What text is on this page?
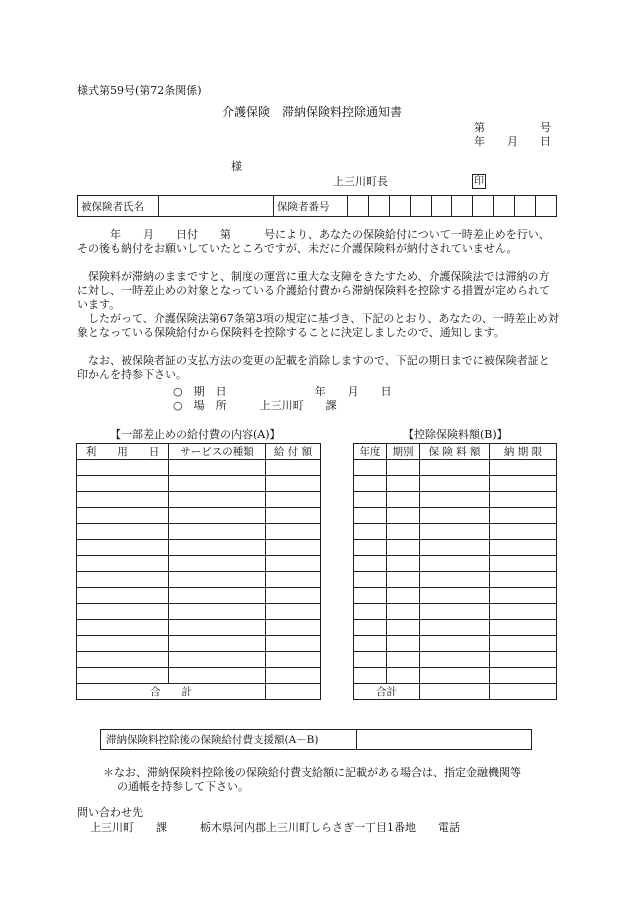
様式第59号(第72条関係)
介護保険　滞納保険料控除通知書
第　　　　　号
年　　月　　日
様
上三川町長	印
被保険者氏名		保険者番号										
　　　年　　月　　日付　　第　　　号により、あなたの保険給付について一時差止めを行い、その後も納付をお願いしていたところですが、未だに介護保険料が納付されていません。
　保険料が滞納のままですと、制度の運営に重大な支障をきたすため、介護保険法では滞納の方に対し、一時差止めの対象となっている介護給付費から滞納保険料を控除する措置が定められています。
　したがって、介護保険法第67条第3項の規定に基づき、下記のとおり、あなたの、一時差止め対象となっている保険給付から保険料を控除することに決定しましたので、通知します。
　なお、被保険者証の支払方法の変更の記載を消除しますので、下記の期日までに被保険者証と印かんを持参下さい。
○　期　日　　　　　　　　年　　月　　日
○　場　所　　　上三川町　　課
【一部差止めの給付費の内容(A)】	【控除保険料額(B)】
利　　用　　日	サービスの種類	給 付 額

合　　計		
年度	期別	保 険 料 額	納 期 限

合計			
滞納保険料控除後の保険給付費支援額(A－B)	
＊なお、滞納保険料控除後の保険給付費支給額に記載がある場合は、指定金融機関等
の通帳を持参して下さい。
問い合わせ先
上三川町　　課　　　栃木県河内郡上三川町しらさぎ一丁目1番地　　電話
